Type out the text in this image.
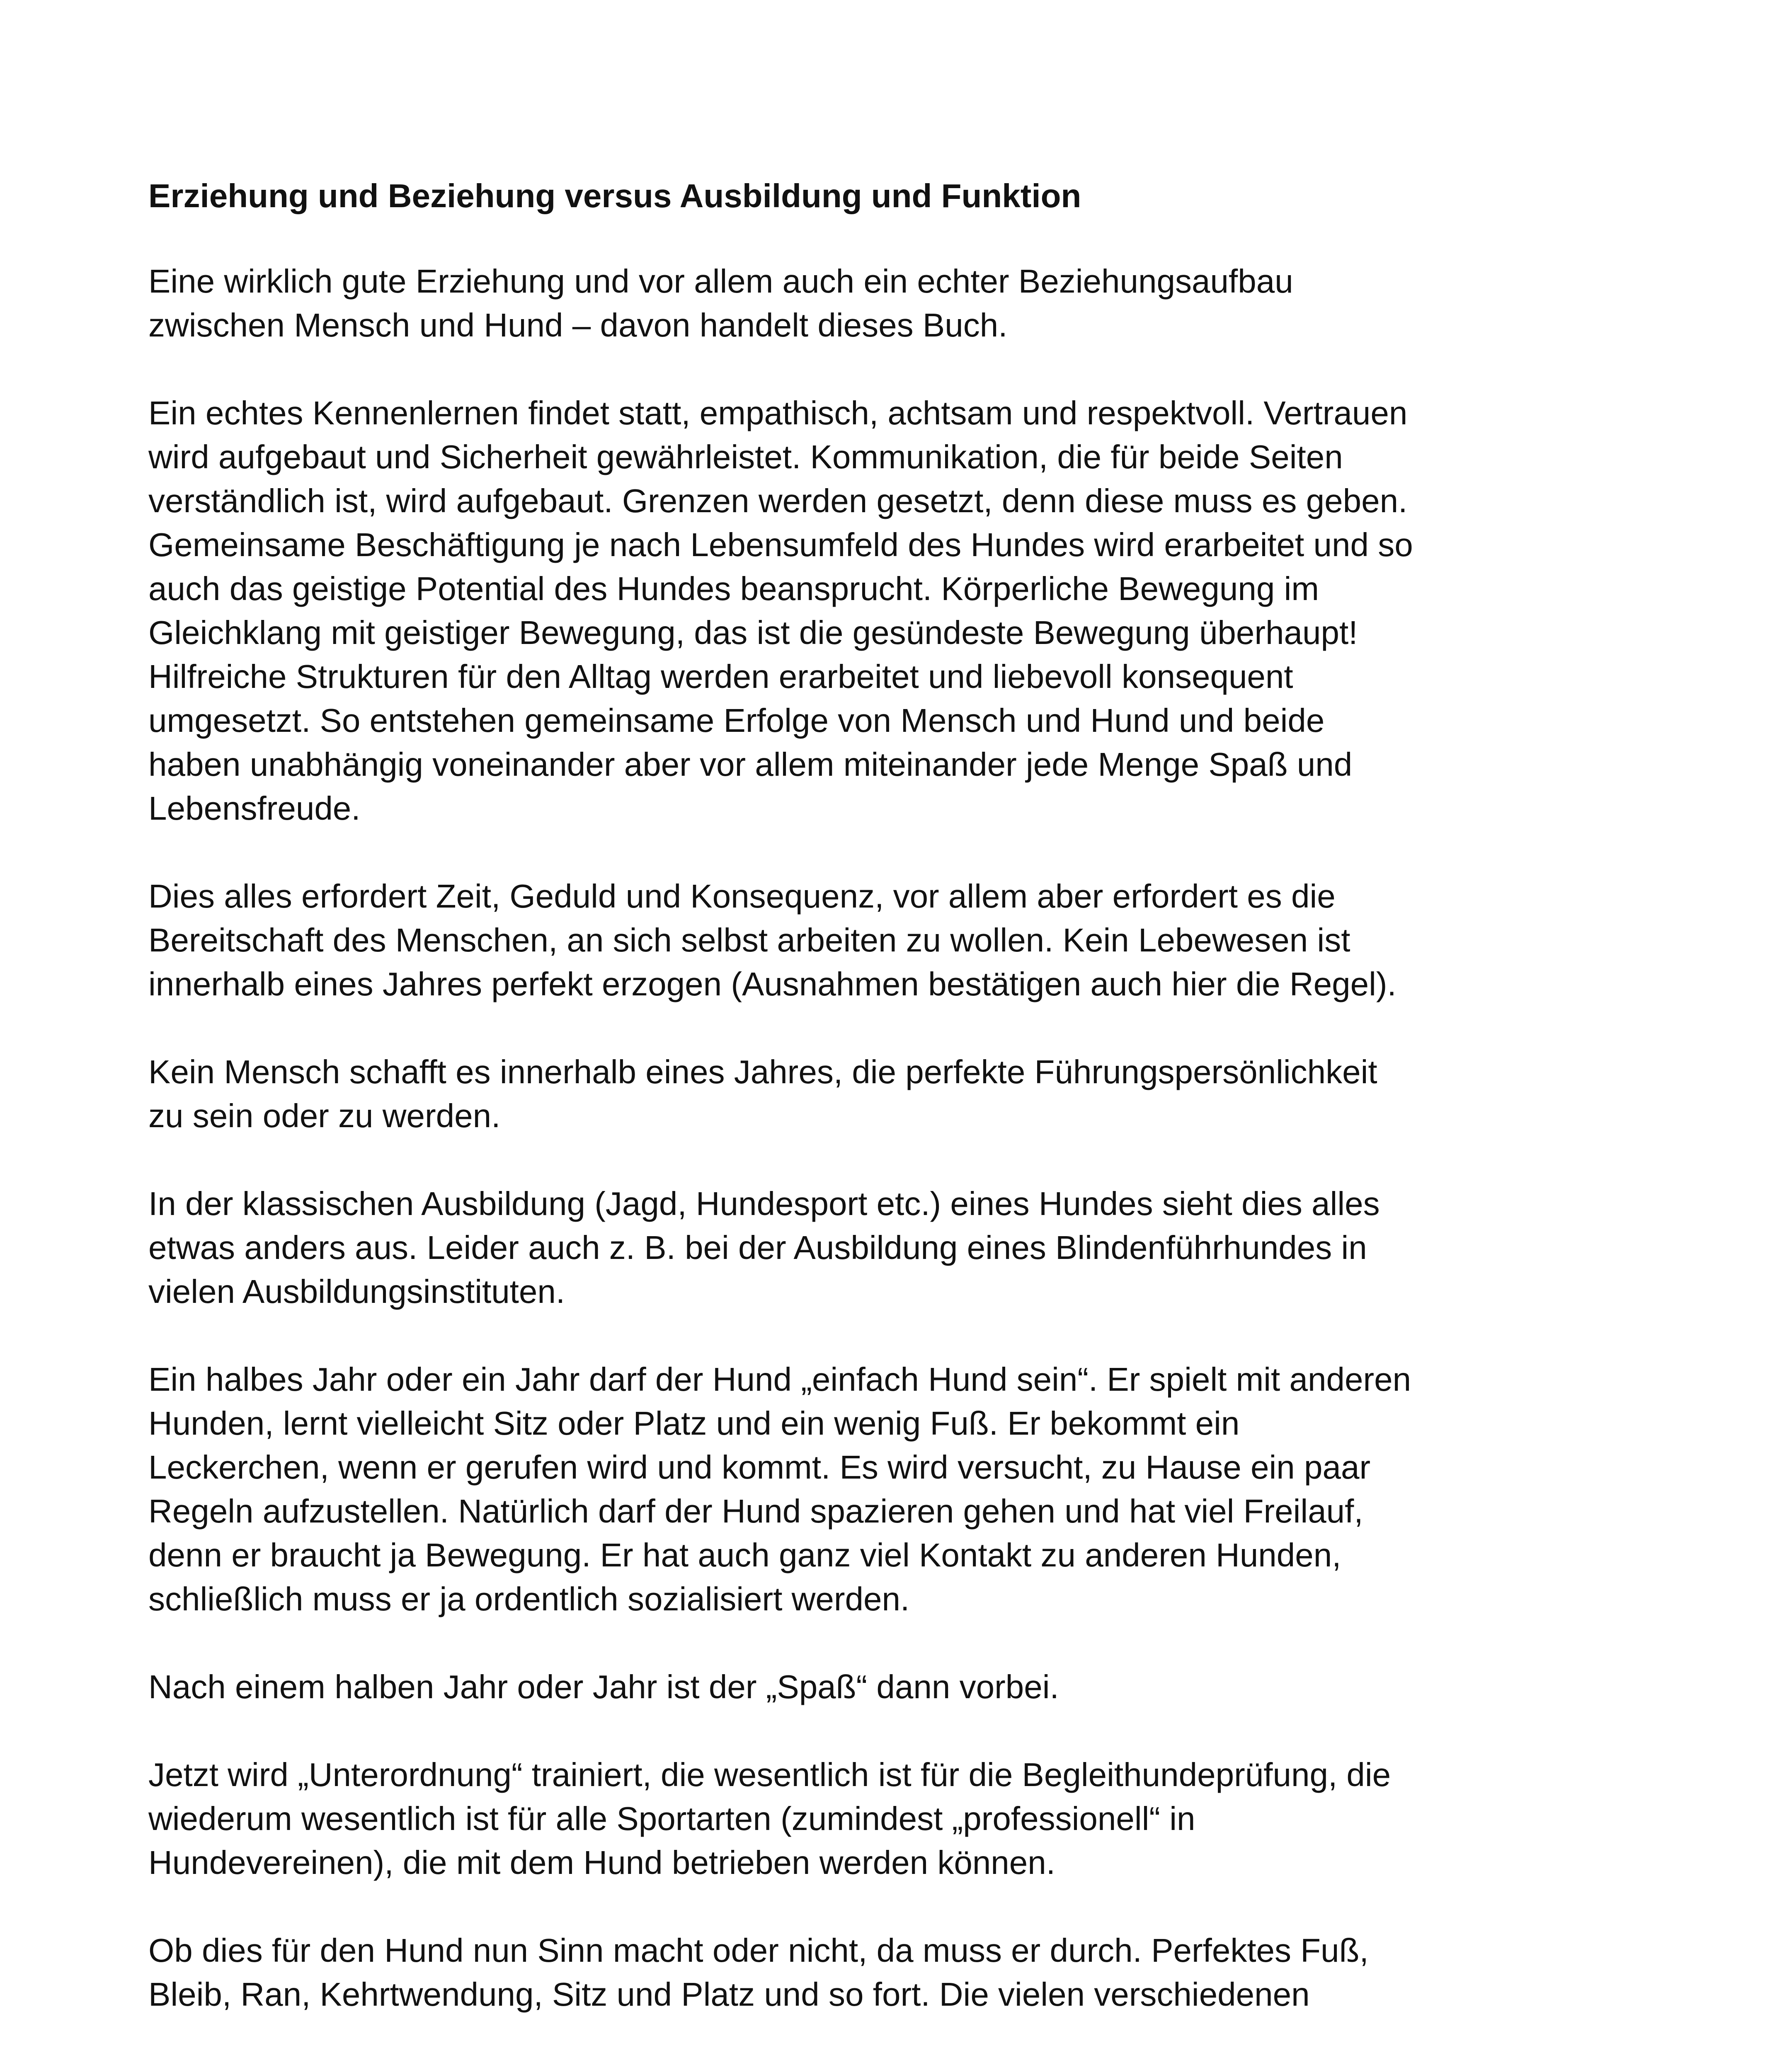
Erziehung und Beziehung versus Ausbildung und Funktion
Eine wirklich gute Erziehung und vor allem auch ein echter Beziehungsaufbau
zwischen Mensch und Hund – davon handelt dieses Buch.
Ein echtes Kennenlernen findet statt, empathisch, achtsam und respektvoll. Vertrauen
wird aufgebaut und Sicherheit gewährleistet. Kommunikation, die für beide Seiten
verständlich ist, wird aufgebaut. Grenzen werden gesetzt, denn diese muss es geben.
Gemeinsame Beschäftigung je nach Lebensumfeld des Hundes wird erarbeitet und so
auch das geistige Potential des Hundes beansprucht. Körperliche Bewegung im
Gleichklang mit geistiger Bewegung, das ist die gesündeste Bewegung überhaupt!
Hilfreiche Strukturen für den Alltag werden erarbeitet und liebevoll konsequent
umgesetzt. So entstehen gemeinsame Erfolge von Mensch und Hund und beide
haben unabhängig voneinander aber vor allem miteinander jede Menge Spaß und
Lebensfreude.
Dies alles erfordert Zeit, Geduld und Konsequenz, vor allem aber erfordert es die
Bereitschaft des Menschen, an sich selbst arbeiten zu wollen. Kein Lebewesen ist
innerhalb eines Jahres perfekt erzogen (Ausnahmen bestätigen auch hier die Regel).
Kein Mensch schafft es innerhalb eines Jahres, die perfekte Führungspersönlichkeit
zu sein oder zu werden.
In der klassischen Ausbildung (Jagd, Hundesport etc.) eines Hundes sieht dies alles
etwas anders aus. Leider auch z. B. bei der Ausbildung eines Blindenführhundes in
vielen Ausbildungsinstituten.
Ein halbes Jahr oder ein Jahr darf der Hund „einfach Hund sein“. Er spielt mit anderen
Hunden, lernt vielleicht Sitz oder Platz und ein wenig Fuß. Er bekommt ein
Leckerchen, wenn er gerufen wird und kommt. Es wird versucht, zu Hause ein paar
Regeln aufzustellen. Natürlich darf der Hund spazieren gehen und hat viel Freilauf,
denn er braucht ja Bewegung. Er hat auch ganz viel Kontakt zu anderen Hunden,
schließlich muss er ja ordentlich sozialisiert werden.
Nach einem halben Jahr oder Jahr ist der „Spaß“ dann vorbei.
Jetzt wird „Unterordnung“ trainiert, die wesentlich ist für die Begleithundeprüfung, die
wiederum wesentlich ist für alle Sportarten (zumindest „professionell“ in
Hundevereinen), die mit dem Hund betrieben werden können.
Ob dies für den Hund nun Sinn macht oder nicht, da muss er durch. Perfektes Fuß,
Bleib, Ran, Kehrtwendung, Sitz und Platz und so fort. Die vielen verschiedenen
